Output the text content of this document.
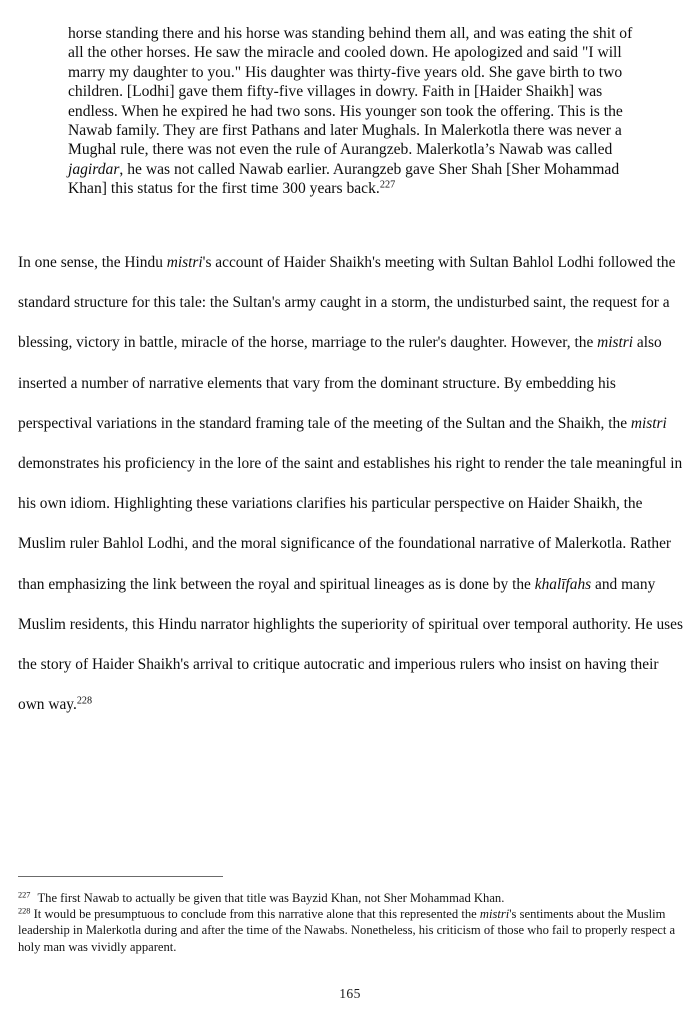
horse standing there and his horse was standing behind them all, and was eating the shit of all the other horses. He saw the miracle and cooled down. He apologized and said "I will marry my daughter to you." His daughter was thirty-five years old. She gave birth to two children. [Lodhi] gave them fifty-five villages in dowry. Faith in [Haider Shaikh] was endless. When he expired he had two sons. His younger son took the offering. This is the Nawab family. They are first Pathans and later Mughals. In Malerkotla there was never a Mughal rule, there was not even the rule of Aurangzeb. Malerkotla’s Nawab was called jagirdar, he was not called Nawab earlier. Aurangzeb gave Sher Shah [Sher Mohammad Khan] this status for the first time 300 years back.$^{227}$
In one sense, the Hindu mistri's account of Haider Shaikh's meeting with Sultan Bahlol Lodhi followed the standard structure for this tale: the Sultan's army caught in a storm, the undisturbed saint, the request for a blessing, victory in battle, miracle of the horse, marriage to the ruler's daughter. However, the mistri also inserted a number of narrative elements that vary from the dominant structure. By embedding his perspectival variations in the standard framing tale of the meeting of the Sultan and the Shaikh, the mistri demonstrates his proficiency in the lore of the saint and establishes his right to render the tale meaningful in his own idiom. Highlighting these variations clarifies his particular perspective on Haider Shaikh, the Muslim ruler Bahlol Lodhi, and the moral significance of the foundational narrative of Malerkotla. Rather than emphasizing the link between the royal and spiritual lineages as is done by the khalīfahs and many Muslim residents, this Hindu narrator highlights the superiority of spiritual over temporal authority. He uses the story of Haider Shaikh's arrival to critique autocratic and imperious rulers who insist on having their own way.$^{228}$

$^{227}$ The first Nawab to actually be given that title was Bayzid Khan, not Sher Mohammad Khan.

$^{228}$ It would be presumptuous to conclude from this narrative alone that this represented the mistri's sentiments about the Muslim leadership in Malerkotla during and after the time of the Nawabs. Nonetheless, his criticism of those who fail to properly respect a holy man was vividly apparent.

165
